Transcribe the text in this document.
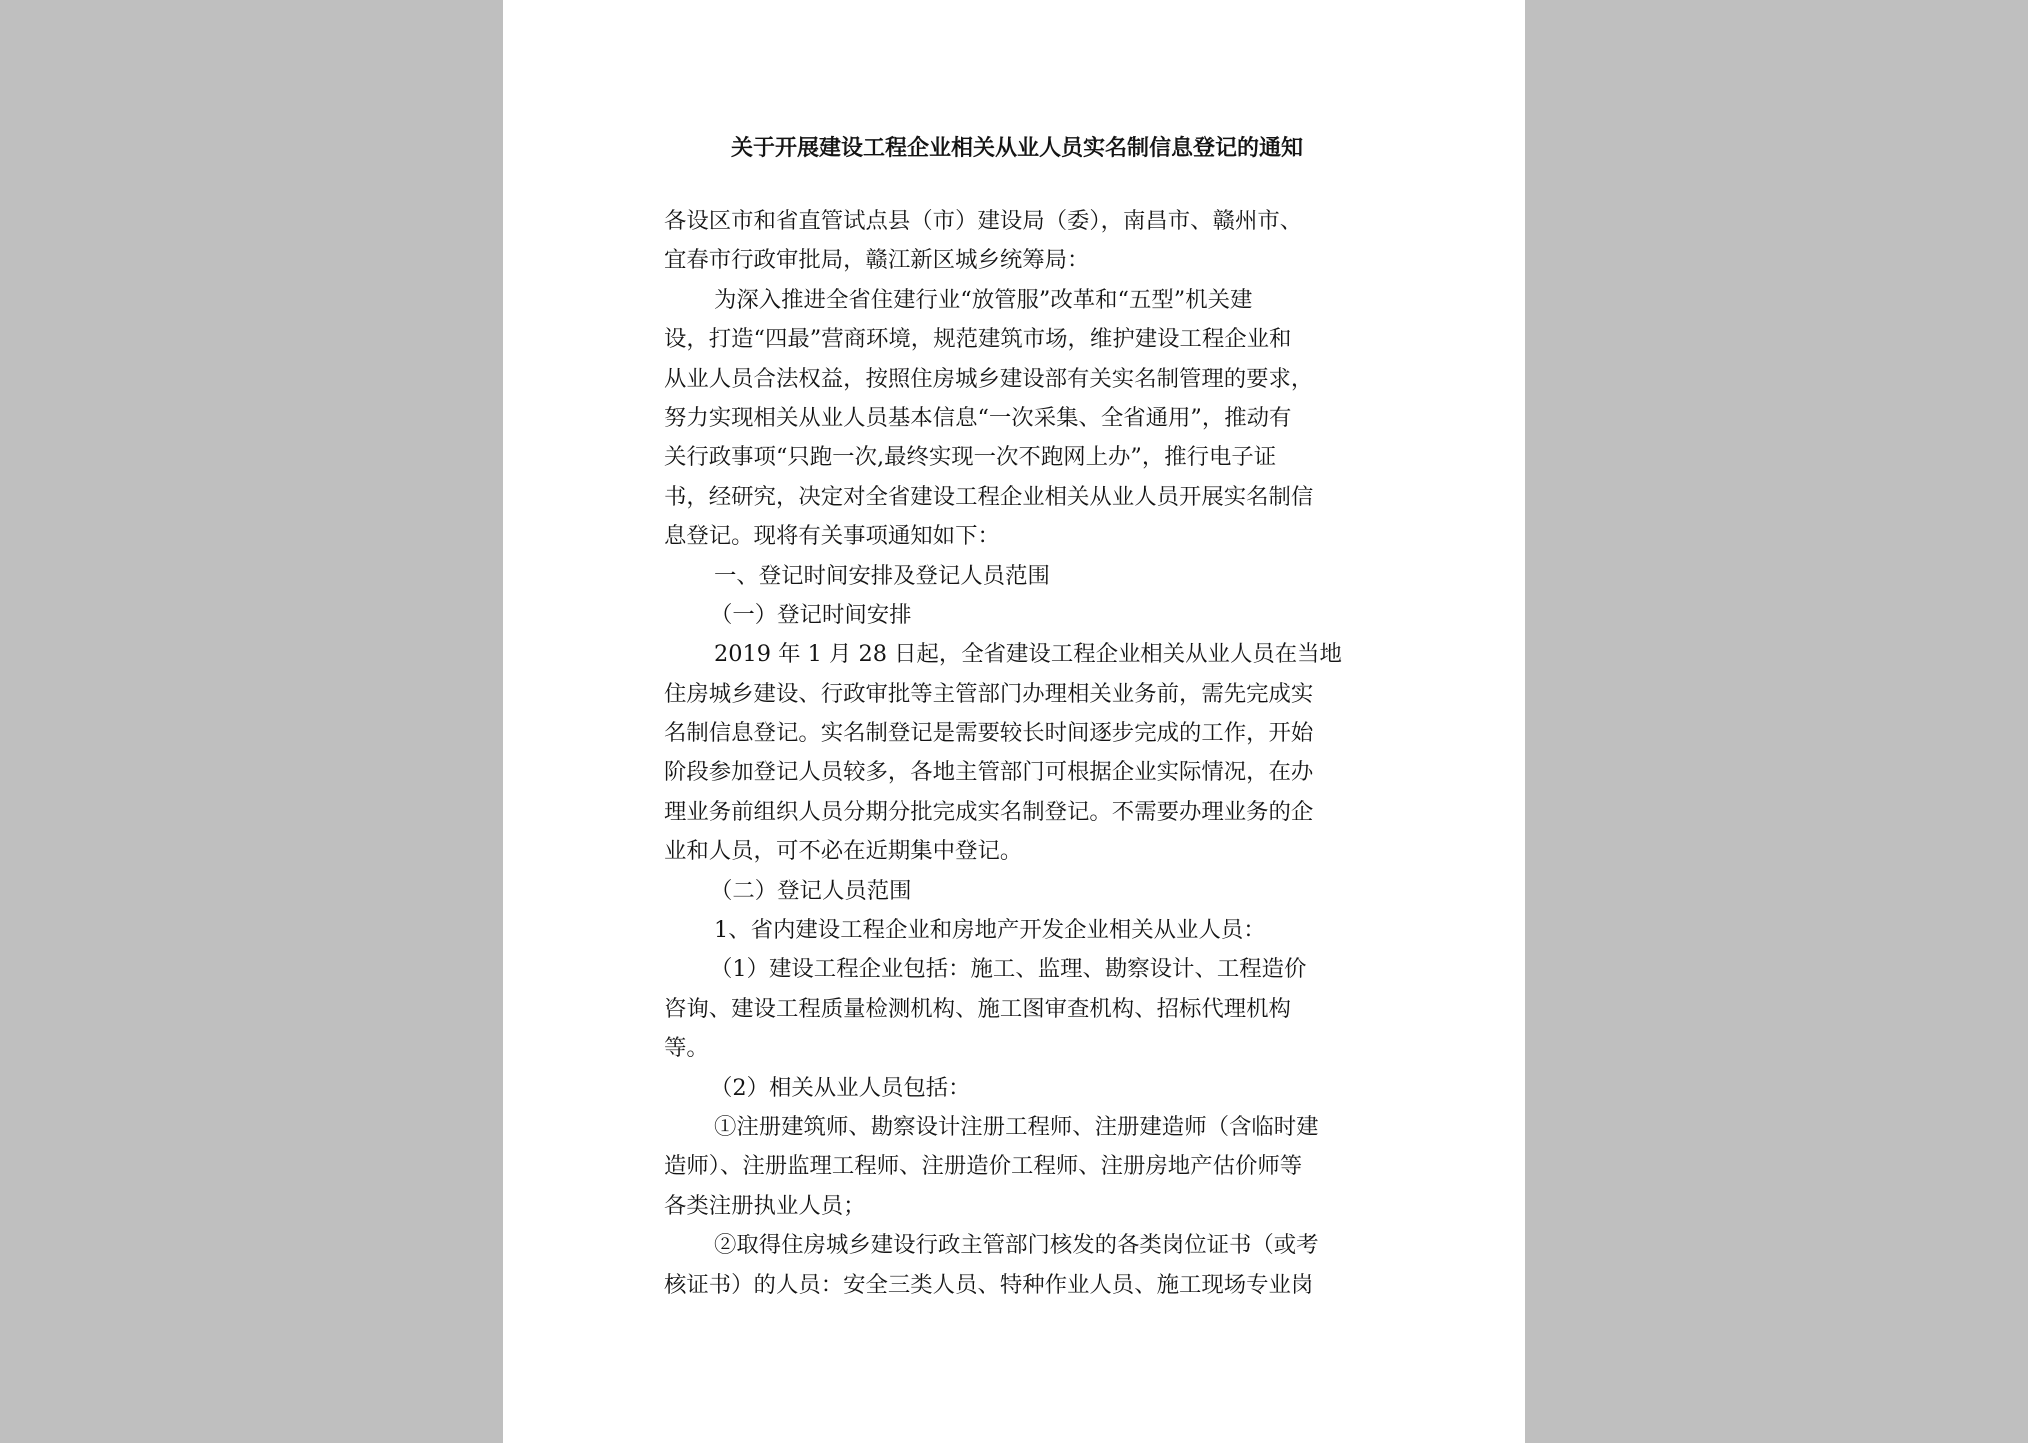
关于开展建设工程企业相关从业人员实名制信息登记的通知
各设区市和省直管试点县（市）建设局（委），南昌市、赣州市、
宜春市行政审批局，赣江新区城乡统筹局：
为深入推进全省住建行业“放管服”改革和“五型”机关建
设，打造“四最”营商环境，规范建筑市场，维护建设工程企业和
从业人员合法权益，按照住房城乡建设部有关实名制管理的要求，
努力实现相关从业人员基本信息“一次采集、全省通用”，推动有
关行政事项“只跑一次,最终实现一次不跑网上办”，推行电子证
书，经研究，决定对全省建设工程企业相关从业人员开展实名制信
息登记。现将有关事项通知如下：
一、登记时间安排及登记人员范围
（一）登记时间安排
2019 年 1 月 28 日起，全省建设工程企业相关从业人员在当地
住房城乡建设、行政审批等主管部门办理相关业务前，需先完成实
名制信息登记。实名制登记是需要较长时间逐步完成的工作，开始
阶段参加登记人员较多，各地主管部门可根据企业实际情况，在办
理业务前组织人员分期分批完成实名制登记。不需要办理业务的企
业和人员，可不必在近期集中登记。
（二）登记人员范围
1、省内建设工程企业和房地产开发企业相关从业人员：
（1）建设工程企业包括：施工、监理、勘察设计、工程造价
咨询、建设工程质量检测机构、施工图审查机构、招标代理机构
等。
（2）相关从业人员包括：
①注册建筑师、勘察设计注册工程师、注册建造师（含临时建
造师）、注册监理工程师、注册造价工程师、注册房地产估价师等
各类注册执业人员；
②取得住房城乡建设行政主管部门核发的各类岗位证书（或考
核证书）的人员：安全三类人员、特种作业人员、施工现场专业岗
